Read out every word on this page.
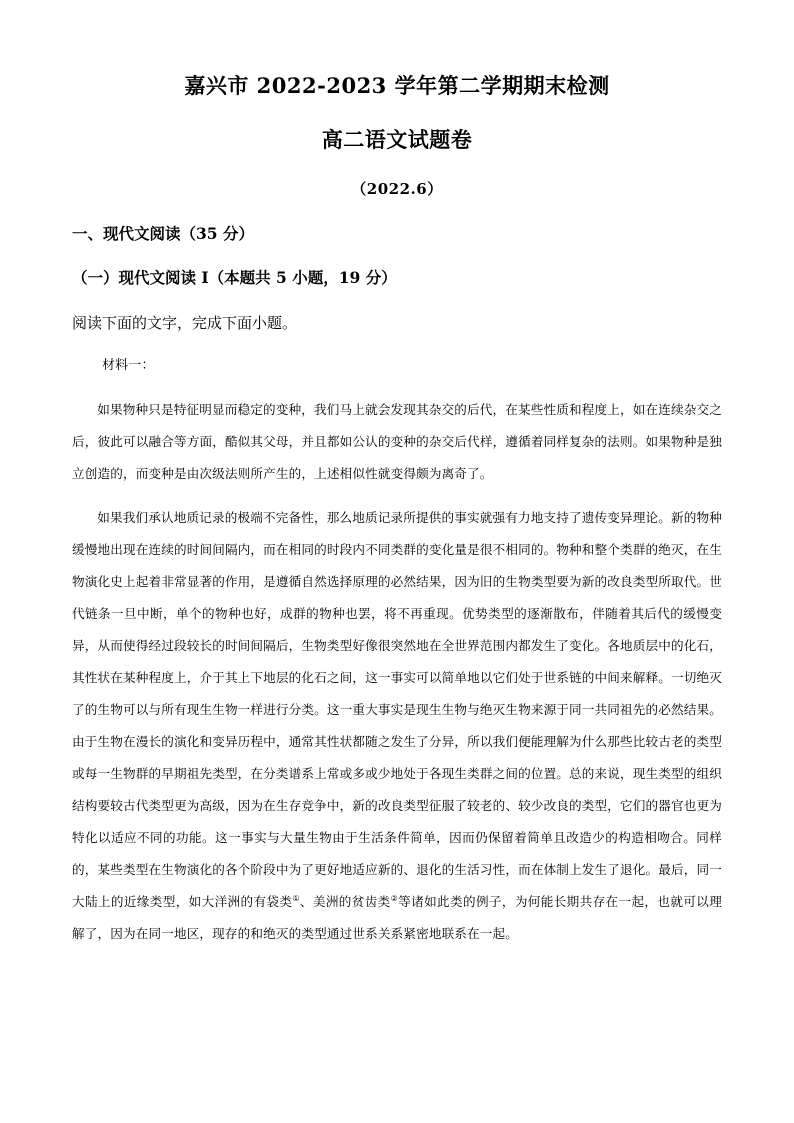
嘉兴市 2022-2023 学年第二学期期末检测
高二语文试题卷
（2022.6）
一、现代文阅读（35 分）
（一）现代文阅读 I（本题共 5 小题，19 分）
阅读下面的文字，完成下面小题。
材料一：

如果物种只是特征明显而稳定的变种，我们马上就会发现其杂交的后代，在某些性质和程度上，如在连续杂交之后，彼此可以融合等方面，酷似其父母，并且都如公认的变种的杂交后代样，遵循着同样复杂的法则。如果物种是独立创造的，而变种是由次级法则所产生的，上述相似性就变得颇为离奇了。

如果我们承认地质记录的极端不完备性，那么地质记录所提供的事实就强有力地支持了遗传变异理论。新的物种缓慢地出现在连续的时间间隔内，而在相同的时段内不同类群的变化量是很不相同的。物种和整个类群的绝灭，在生物演化史上起着非常显著的作用，是遵循自然选择原理的必然结果，因为旧的生物类型要为新的改良类型所取代。世代链条一旦中断，单个的物种也好，成群的物种也罢，将不再重现。优势类型的逐渐散布，伴随着其后代的缓慢变异，从而使得经过段较长的时间间隔后，生物类型好像很突然地在全世界范围内都发生了变化。各地质层中的化石，其性状在某种程度上，介于其上下地层的化石之间，这一事实可以简单地以它们处于世系链的中间来解释。一切绝灭了的生物可以与所有现生生物一样进行分类。这一重大事实是现生生物与绝灭生物来源于同一共同祖先的必然结果。由于生物在漫长的演化和变异历程中，通常其性状都随之发生了分异，所以我们便能理解为什么那些比较古老的类型或每一生物群的早期祖先类型，在分类谱系上常或多或少地处于各现生类群之间的位置。总的来说，现生类型的组织结构要较古代类型更为高级，因为在生存竞争中，新的改良类型征服了较老的、较少改良的类型，它们的器官也更为特化以适应不同的功能。这一事实与大量生物由于生活条件简单，因而仍保留着简单且改造少的构造相吻合。同样的，某些类型在生物演化的各个阶段中为了更好地适应新的、退化的生活习性，而在体制上发生了退化。最后，同一大陆上的近缘类型，如大洋洲的有袋类①、美洲的贫齿类②等诸如此类的例子，为何能长期共存在一起，也就可以理解了，因为在同一地区，现存的和绝灭的类型通过世系关系紧密地联系在一起。
